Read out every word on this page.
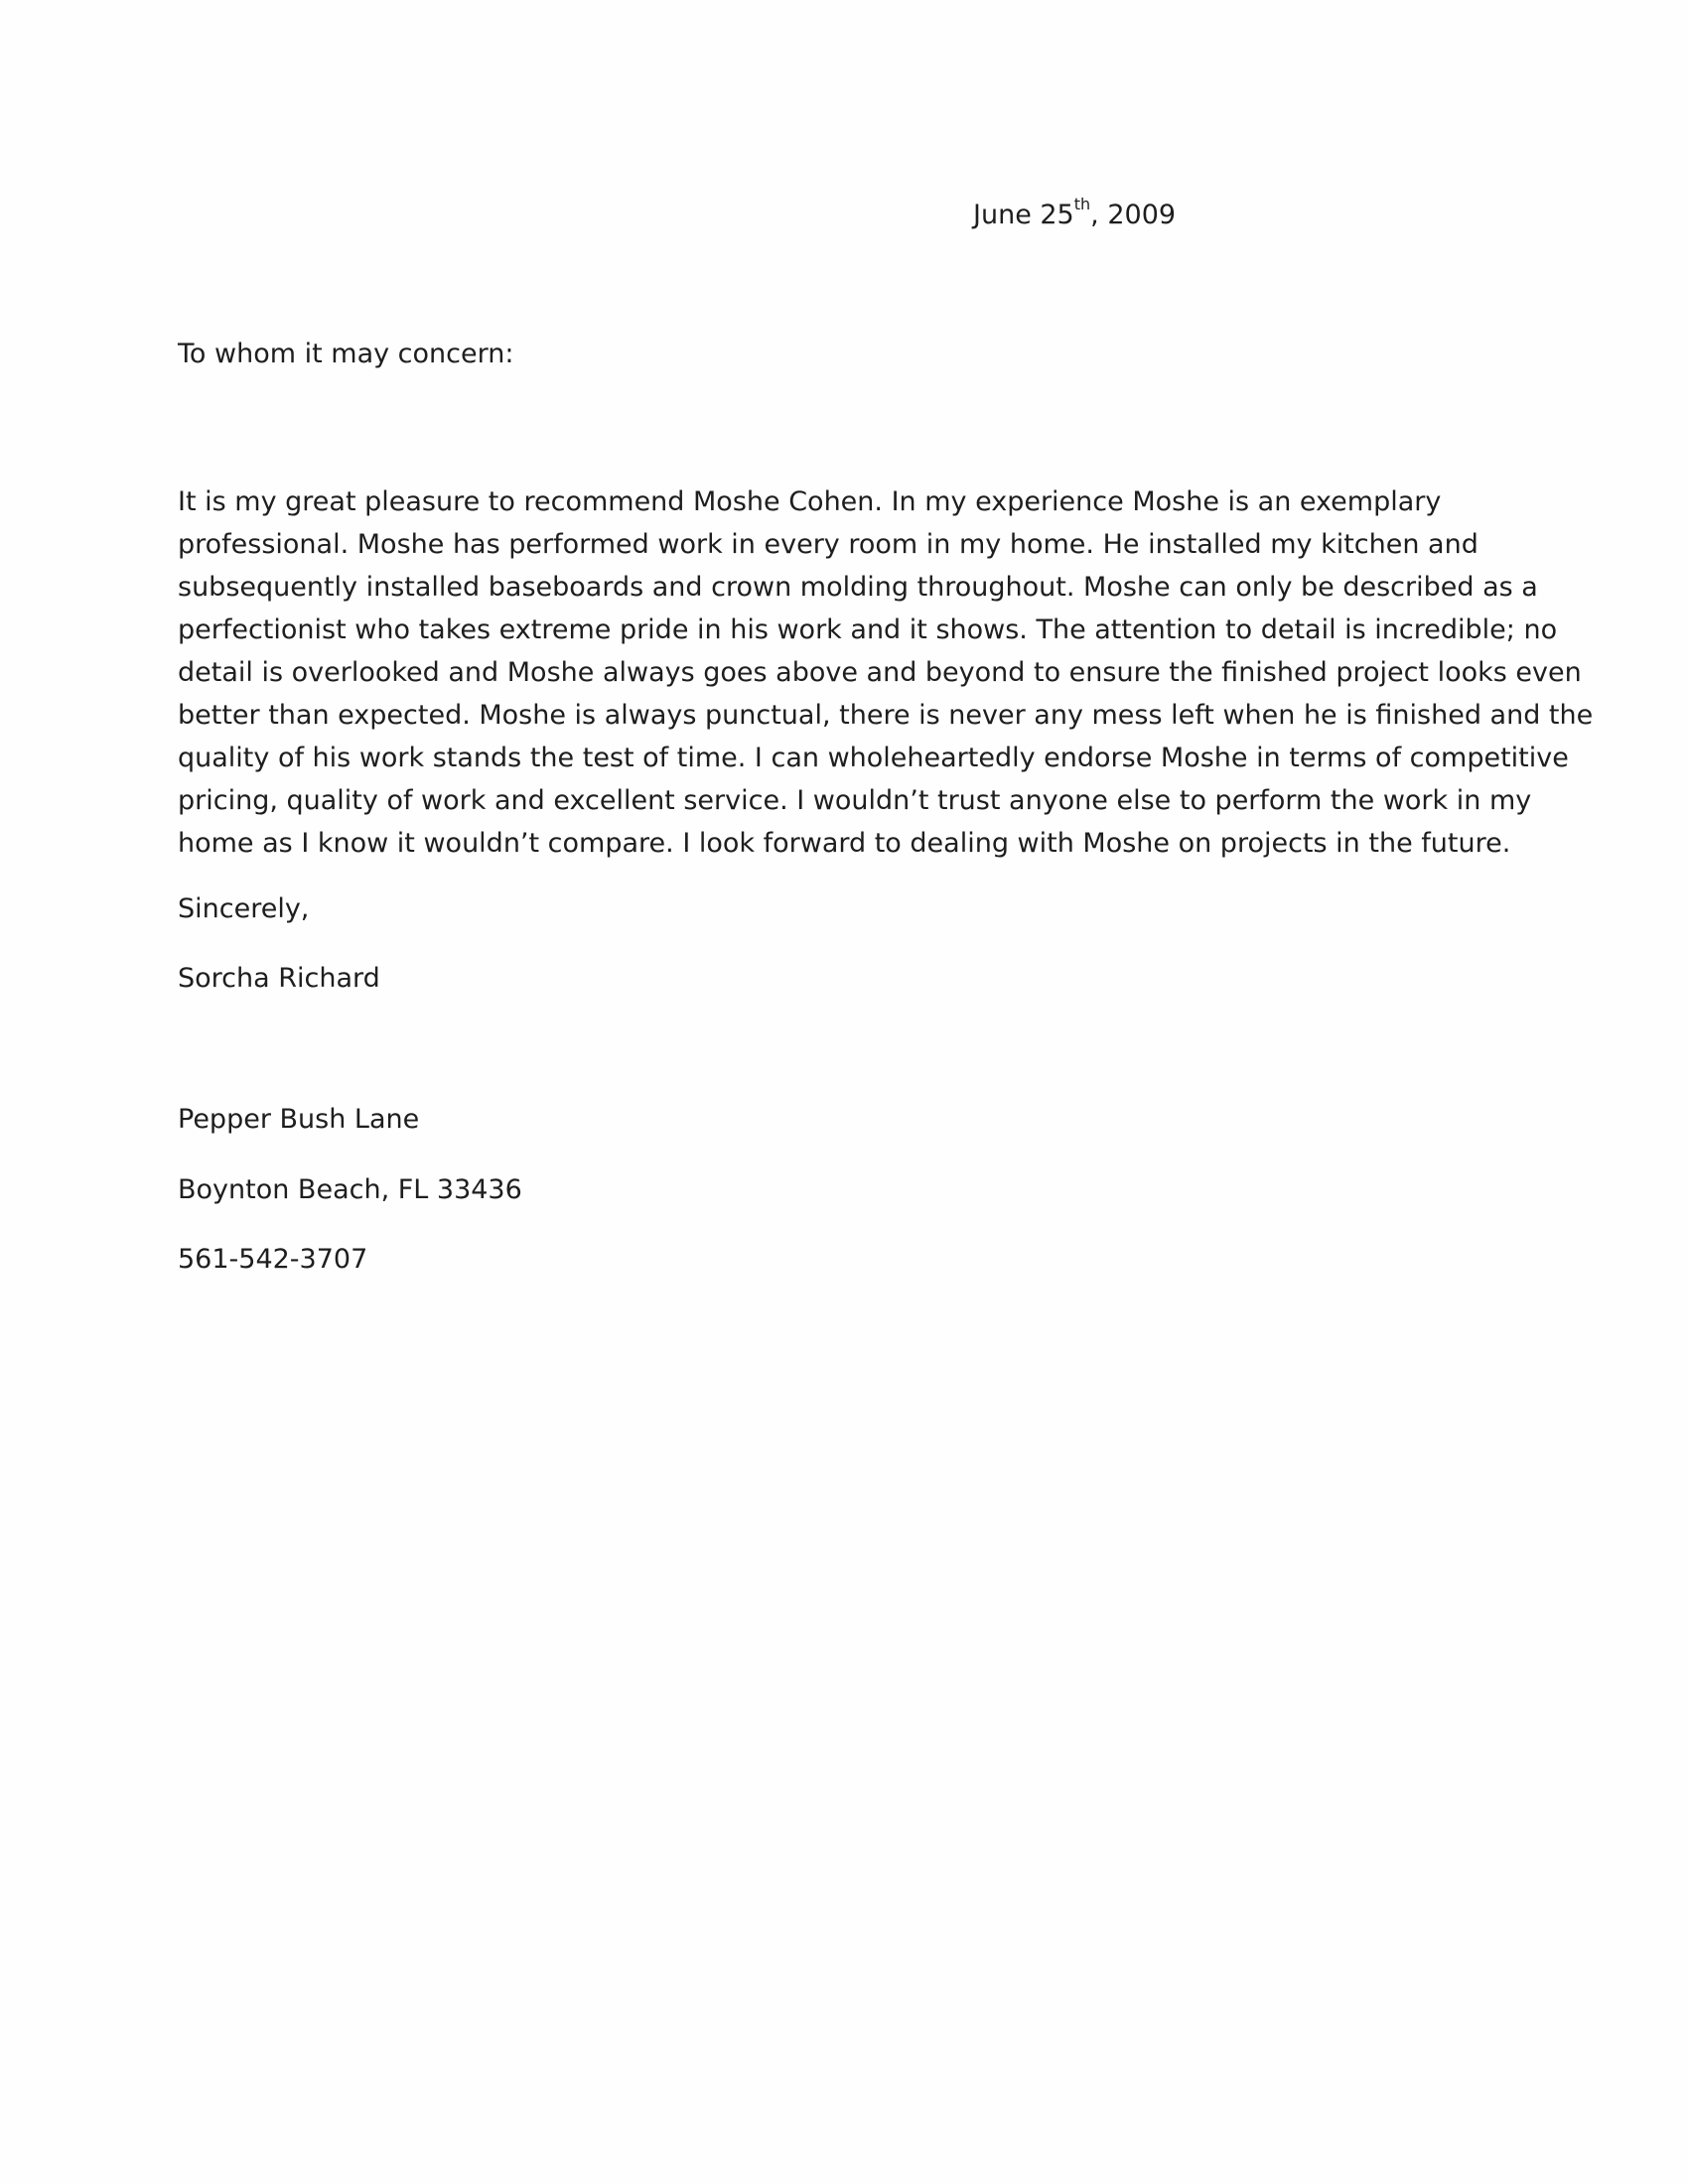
June 25th, 2009

To whom it may concern:

It is my great pleasure to recommend Moshe Cohen. In my experience Moshe is an exemplary
professional. Moshe has performed work in every room in my home. He installed my kitchen and
subsequently installed baseboards and crown molding throughout. Moshe can only be described as a
perfectionist who takes extreme pride in his work and it shows. The attention to detail is incredible; no
detail is overlooked and Moshe always goes above and beyond to ensure the finished project looks even
better than expected. Moshe is always punctual, there is never any mess left when he is finished and the
quality of his work stands the test of time. I can wholeheartedly endorse Moshe in terms of competitive
pricing, quality of work and excellent service. I wouldn’t trust anyone else to perform the work in my
home as I know it wouldn’t compare. I look forward to dealing with Moshe on projects in the future.

Sincerely,

Sorcha Richard

Pepper Bush Lane

Boynton Beach, FL 33436

561-542-3707
